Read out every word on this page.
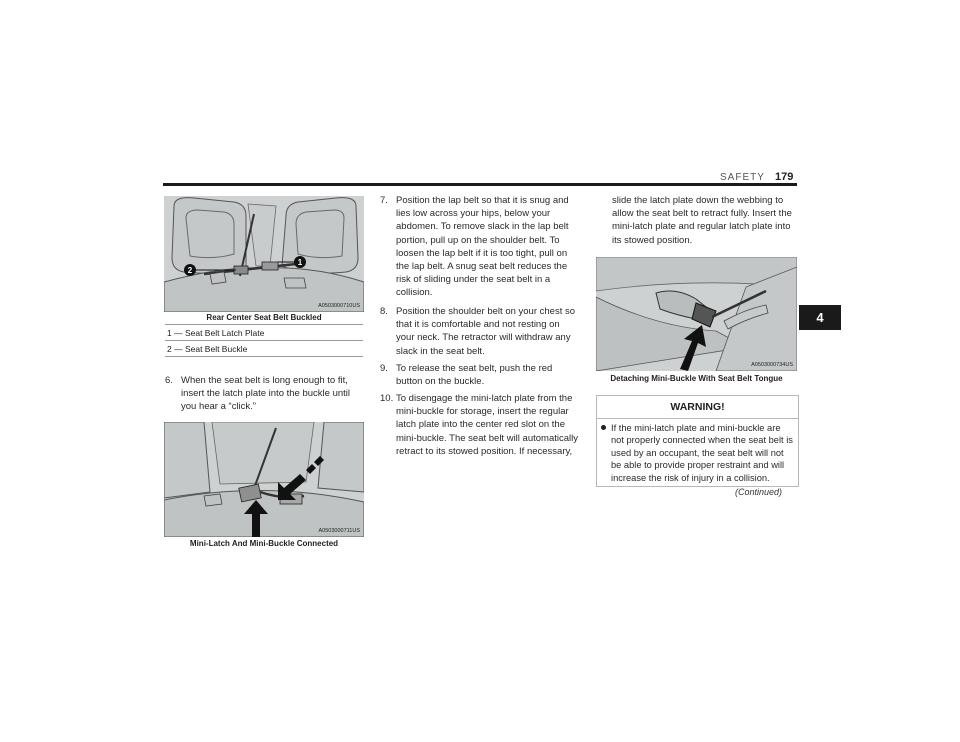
SAFETY 179
4
2
1
A0503000710US
Rear Center Seat Belt Buckled
1 — Seat Belt Latch Plate
2 — Seat Belt Buckle
6. When the seat belt is long enough to fit, insert the latch plate into the buckle until you hear a “click.”
A0503000711US
Mini-Latch And Mini-Buckle Connected
7. Position the lap belt so that it is snug and lies low across your hips, below your abdomen. To remove slack in the lap belt portion, pull up on the shoulder belt. To loosen the lap belt if it is too tight, pull on the lap belt. A snug seat belt reduces the risk of sliding under the seat belt in a collision.
8. Position the shoulder belt on your chest so that it is comfortable and not resting on your neck. The retractor will withdraw any slack in the seat belt.
9. To release the seat belt, push the red button on the buckle.
10. To disengage the mini-latch plate from the mini-buckle for storage, insert the regular latch plate into the center red slot on the mini-buckle. The seat belt will automatically retract to its stowed position. If necessary,
slide the latch plate down the webbing to allow the seat belt to retract fully. Insert the mini-latch plate and regular latch plate into its stowed position.
A0503000734US
Detaching Mini-Buckle With Seat Belt Tongue
WARNING!
If the mini-latch plate and mini-buckle are not properly connected when the seat belt is used by an occupant, the seat belt will not be able to provide proper restraint and will increase the risk of injury in a collision.
(Continued)
